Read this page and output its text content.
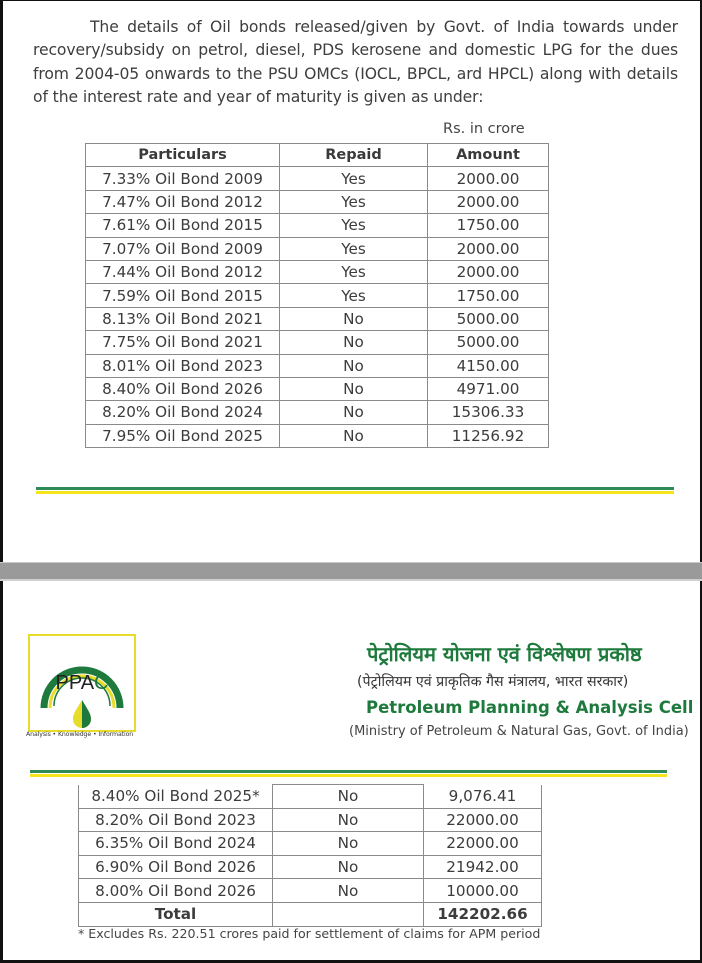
The details of Oil bonds released/given by Govt. of India towards under recovery/subsidy on petrol, diesel, PDS kerosene and domestic LPG for the dues from 2004-05 onwards to the PSU OMCs (IOCL, BPCL, ard HPCL) along with details of the interest rate and year of maturity is given as under:

Rs. in crore
Particulars	Repaid	Amount
7.33% Oil Bond 2009	Yes	2000.00
7.47% Oil Bond 2012	Yes	2000.00
7.61% Oil Bond 2015	Yes	1750.00
7.07% Oil Bond 2009	Yes	2000.00
7.44% Oil Bond 2012	Yes	2000.00
7.59% Oil Bond 2015	Yes	1750.00
8.13% Oil Bond 2021	No	5000.00
7.75% Oil Bond 2021	No	5000.00
8.01% Oil Bond 2023	No	4150.00
8.40% Oil Bond 2026	No	4971.00
8.20% Oil Bond 2024	No	15306.33
7.95% Oil Bond 2025	No	11256.92
PPAC
Analysis • Knowledge • Information
पेट्रोलियम योजना एवं विश्लेषण प्रकोष्ठ
(पेट्रोलियम एवं प्राकृतिक गैस मंत्रालय, भारत सरकार)
Petroleum Planning & Analysis Cell
(Ministry of Petroleum & Natural Gas, Govt. of India)
8.40% Oil Bond 2025*	No	9,076.41
8.20% Oil Bond 2023	No	22000.00
6.35% Oil Bond 2024	No	22000.00
6.90% Oil Bond 2026	No	21942.00
8.00% Oil Bond 2026	No	10000.00
Total		142202.66
* Excludes Rs. 220.51 crores paid for settlement of claims for APM period
